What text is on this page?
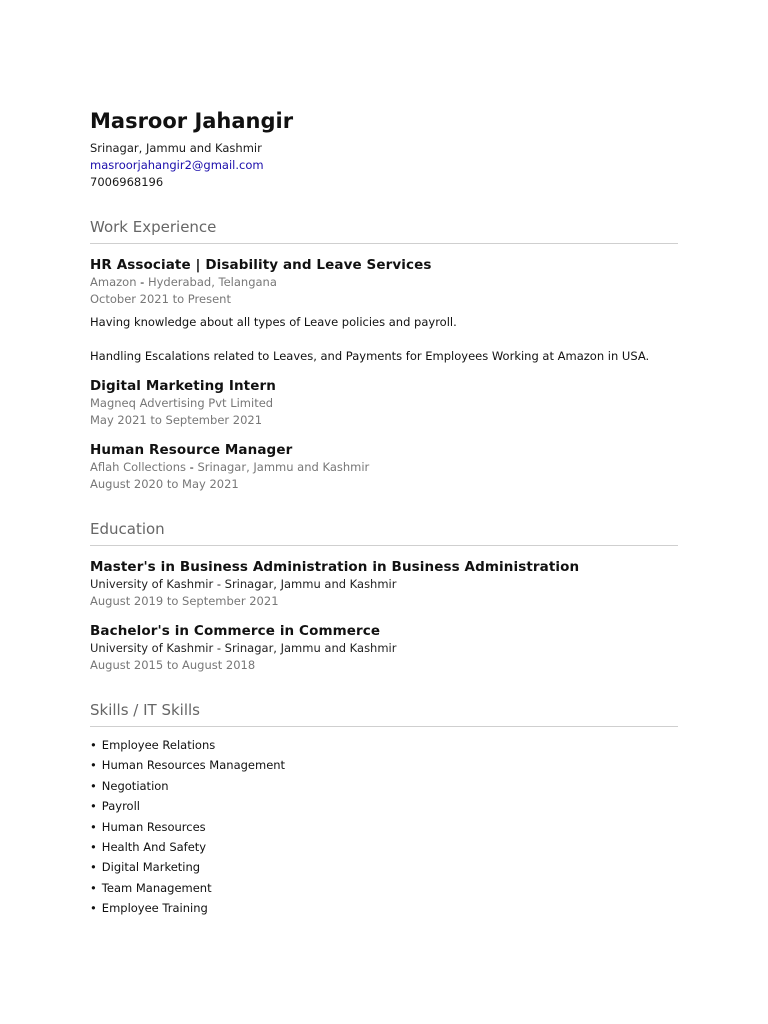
Masroor Jahangir
Srinagar, Jammu and Kashmir
masroorjahangir2@gmail.com
7006968196
Work Experience
HR Associate | Disability and Leave Services
Amazon - Hyderabad, Telangana
October 2021 to Present

Having knowledge about all types of Leave policies and payroll.

Handling Escalations related to Leaves, and Payments for Employees Working at Amazon in USA.

Digital Marketing Intern
Magneq Advertising Pvt Limited
May 2021 to September 2021
Human Resource Manager
Aflah Collections - Srinagar, Jammu and Kashmir
August 2020 to May 2021
Education
Master's in Business Administration in Business Administration
University of Kashmir - Srinagar, Jammu and Kashmir
August 2019 to September 2021
Bachelor's in Commerce in Commerce
University of Kashmir - Srinagar, Jammu and Kashmir
August 2015 to August 2018
Skills / IT Skills
• Employee Relations
• Human Resources Management
• Negotiation
• Payroll
• Human Resources
• Health And Safety
• Digital Marketing
• Team Management
• Employee Training
